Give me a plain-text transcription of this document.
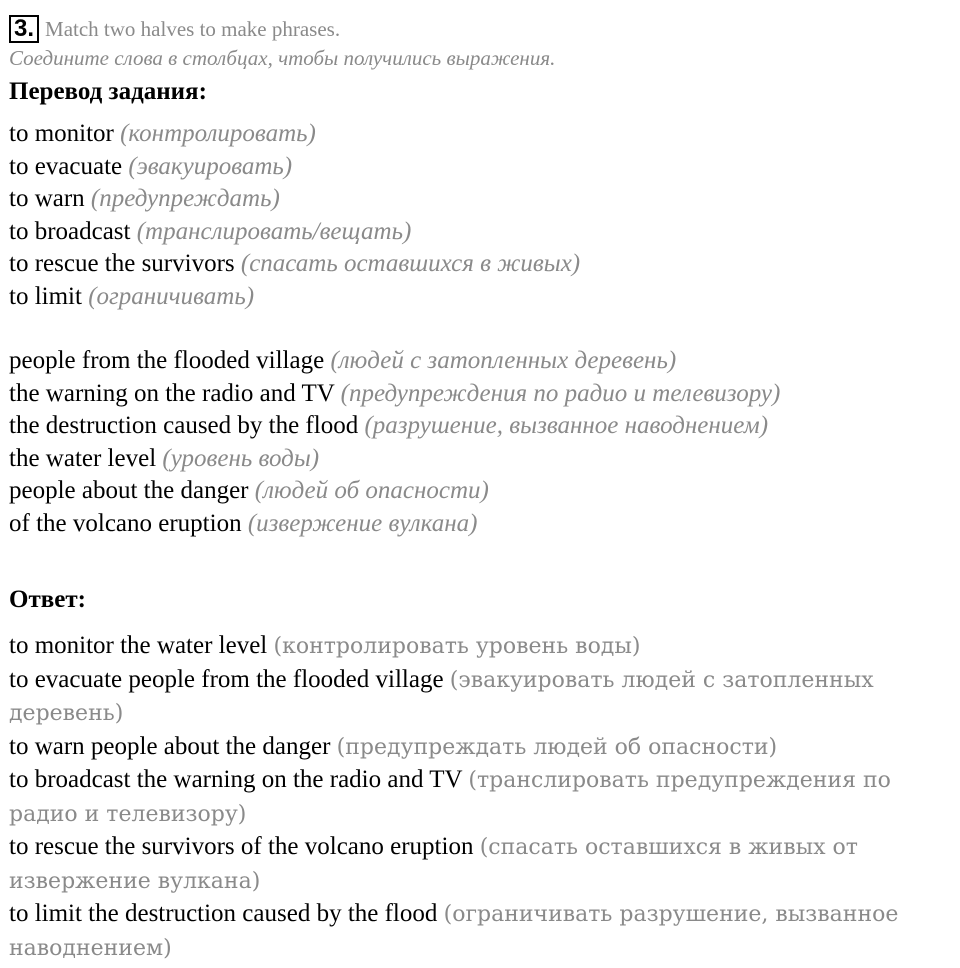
3. Match two halves to make phrases.
Соедините слова в столбцах, чтобы получились выражения.
Перевод задания:
to monitor (контролировать)
to evacuate (эвакуировать)
to warn (предупреждать)
to broadcast (транслировать/вещать)
to rescue the survivors (спасать оставшихся в живых)
to limit (ограничивать)
people from the flooded village (людей с затопленных деревень)
the warning on the radio and TV (предупреждения по радио и телевизору)
the destruction caused by the flood (разрушение, вызванное наводнением)
the water level (уровень воды)
people about the danger (людей об опасности)
of the volcano eruption (извержение вулкана)
Ответ:
to monitor the water level (контролировать уровень воды)
to evacuate people from the flooded village (эвакуировать людей с затопленных деревень)
to warn people about the danger (предупреждать людей об опасности)
to broadcast the warning on the radio and TV (транслировать предупреждения по радио и телевизору)
to rescue the survivors of the volcano eruption (спасать оставшихся в живых от извержение вулкана)
to limit the destruction caused by the flood (ограничивать разрушение, вызванное наводнением)
